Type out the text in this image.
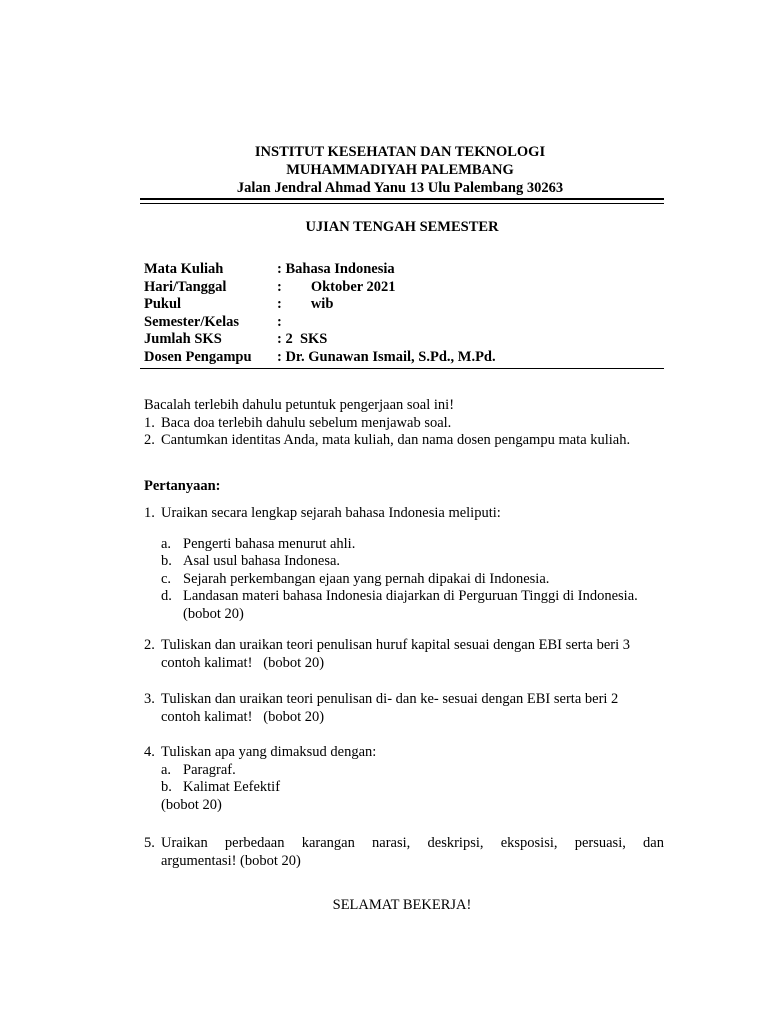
INSTITUT KESEHATAN DAN TEKNOLOGI
MUHAMMADIYAH PALEMBANG
Jalan Jendral Ahmad Yanu 13 Ulu Palembang 30263
UJIAN TENGAH SEMESTER
Mata Kuliah	: Bahasa Indonesia
Hari/Tanggal	:        Oktober 2021
Pukul	:        wib
Semester/Kelas	:
Jumlah SKS	: 2  SKS
Dosen Pengampu	: Dr. Gunawan Ismail, S.Pd., M.Pd.
Bacalah terlebih dahulu petuntuk pengerjaan soal ini!
1. Baca doa terlebih dahulu sebelum menjawab soal.
2. Cantumkan identitas Anda, mata kuliah, dan nama dosen pengampu mata kuliah.
Pertanyaan:
1. Uraikan secara lengkap sejarah bahasa Indonesia meliputi:
a. Pengerti bahasa menurut ahli.
b. Asal usul bahasa Indonesa.
c. Sejarah perkembangan ejaan yang pernah dipakai di Indonesia.
d. Landasan materi bahasa Indonesia diajarkan di Perguruan Tinggi di Indonesia.
(bobot 20)
2. Tuliskan dan uraikan teori penulisan huruf kapital sesuai dengan EBI serta beri 3
contoh kalimat!   (bobot 20)
3. Tuliskan dan uraikan teori penulisan di- dan ke- sesuai dengan EBI serta beri 2
contoh kalimat!   (bobot 20)
4. Tuliskan apa yang dimaksud dengan:
a. Paragraf.
b. Kalimat Eefektif
(bobot 20)
5. Uraikan perbedaan karangan narasi, deskripsi, eksposisi, persuasi, dan
argumentasi! (bobot 20)
SELAMAT BEKERJA!
